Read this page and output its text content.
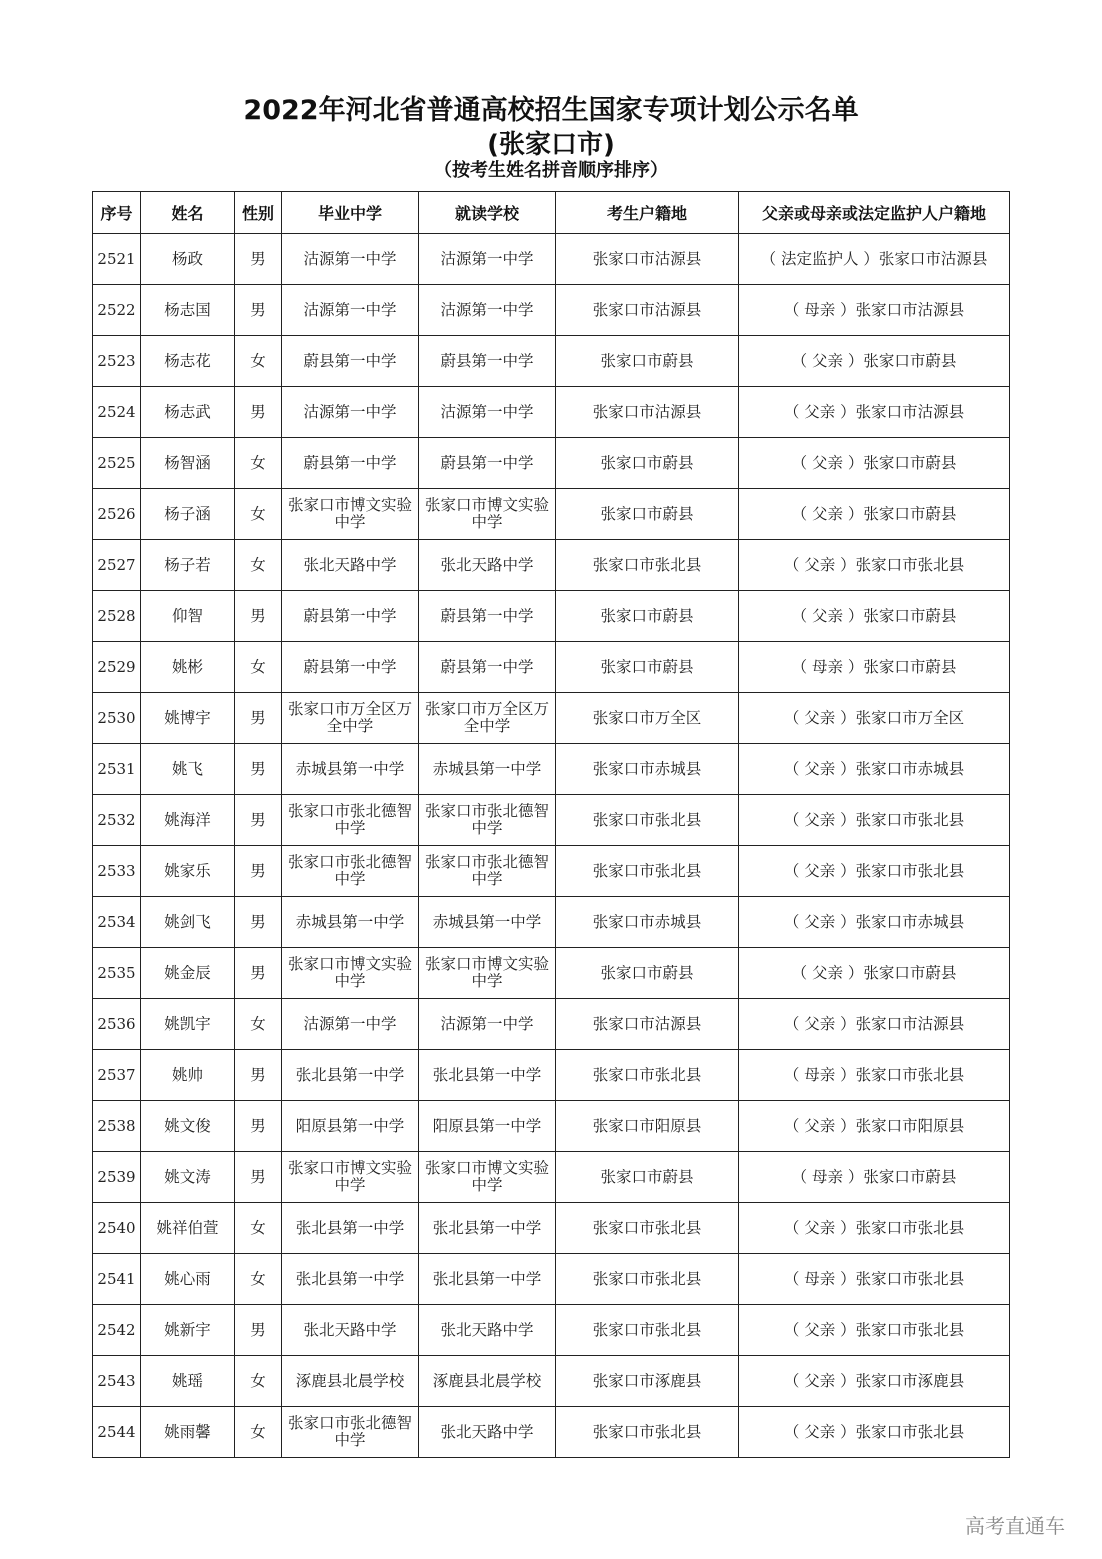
2022年河北省普通高校招生国家专项计划公示名单
(张家口市)
（按考生姓名拼音顺序排序）
序号	姓名	性别	毕业中学	就读学校	考生户籍地	父亲或母亲或法定监护人户籍地
2521	杨政	男	沽源第一中学	沽源第一中学	张家口市沽源县	（ 法定监护人 ）张家口市沽源县
2522	杨志国	男	沽源第一中学	沽源第一中学	张家口市沽源县	（ 母亲 ）张家口市沽源县
2523	杨志花	女	蔚县第一中学	蔚县第一中学	张家口市蔚县	（ 父亲 ）张家口市蔚县
2524	杨志武	男	沽源第一中学	沽源第一中学	张家口市沽源县	（ 父亲 ）张家口市沽源县
2525	杨智涵	女	蔚县第一中学	蔚县第一中学	张家口市蔚县	（ 父亲 ）张家口市蔚县
2526	杨子涵	女	张家口市博文实验中学	张家口市博文实验中学	张家口市蔚县	（ 父亲 ）张家口市蔚县
2527	杨子若	女	张北天路中学	张北天路中学	张家口市张北县	（ 父亲 ）张家口市张北县
2528	仰智	男	蔚县第一中学	蔚县第一中学	张家口市蔚县	（ 父亲 ）张家口市蔚县
2529	姚彬	女	蔚县第一中学	蔚县第一中学	张家口市蔚县	（ 母亲 ）张家口市蔚县
2530	姚博宇	男	张家口市万全区万全中学	张家口市万全区万全中学	张家口市万全区	（ 父亲 ）张家口市万全区
2531	姚飞	男	赤城县第一中学	赤城县第一中学	张家口市赤城县	（ 父亲 ）张家口市赤城县
2532	姚海洋	男	张家口市张北德智中学	张家口市张北德智中学	张家口市张北县	（ 父亲 ）张家口市张北县
2533	姚家乐	男	张家口市张北德智中学	张家口市张北德智中学	张家口市张北县	（ 父亲 ）张家口市张北县
2534	姚剑飞	男	赤城县第一中学	赤城县第一中学	张家口市赤城县	（ 父亲 ）张家口市赤城县
2535	姚金辰	男	张家口市博文实验中学	张家口市博文实验中学	张家口市蔚县	（ 父亲 ）张家口市蔚县
2536	姚凯宇	女	沽源第一中学	沽源第一中学	张家口市沽源县	（ 父亲 ）张家口市沽源县
2537	姚帅	男	张北县第一中学	张北县第一中学	张家口市张北县	（ 母亲 ）张家口市张北县
2538	姚文俊	男	阳原县第一中学	阳原县第一中学	张家口市阳原县	（ 父亲 ）张家口市阳原县
2539	姚文涛	男	张家口市博文实验中学	张家口市博文实验中学	张家口市蔚县	（ 母亲 ）张家口市蔚县
2540	姚祥伯萱	女	张北县第一中学	张北县第一中学	张家口市张北县	（ 父亲 ）张家口市张北县
2541	姚心雨	女	张北县第一中学	张北县第一中学	张家口市张北县	（ 母亲 ）张家口市张北县
2542	姚新宇	男	张北天路中学	张北天路中学	张家口市张北县	（ 父亲 ）张家口市张北县
2543	姚瑶	女	涿鹿县北晨学校	涿鹿县北晨学校	张家口市涿鹿县	（ 父亲 ）张家口市涿鹿县
2544	姚雨馨	女	张家口市张北德智中学	张北天路中学	张家口市张北县	（ 父亲 ）张家口市张北县
高考直通车
